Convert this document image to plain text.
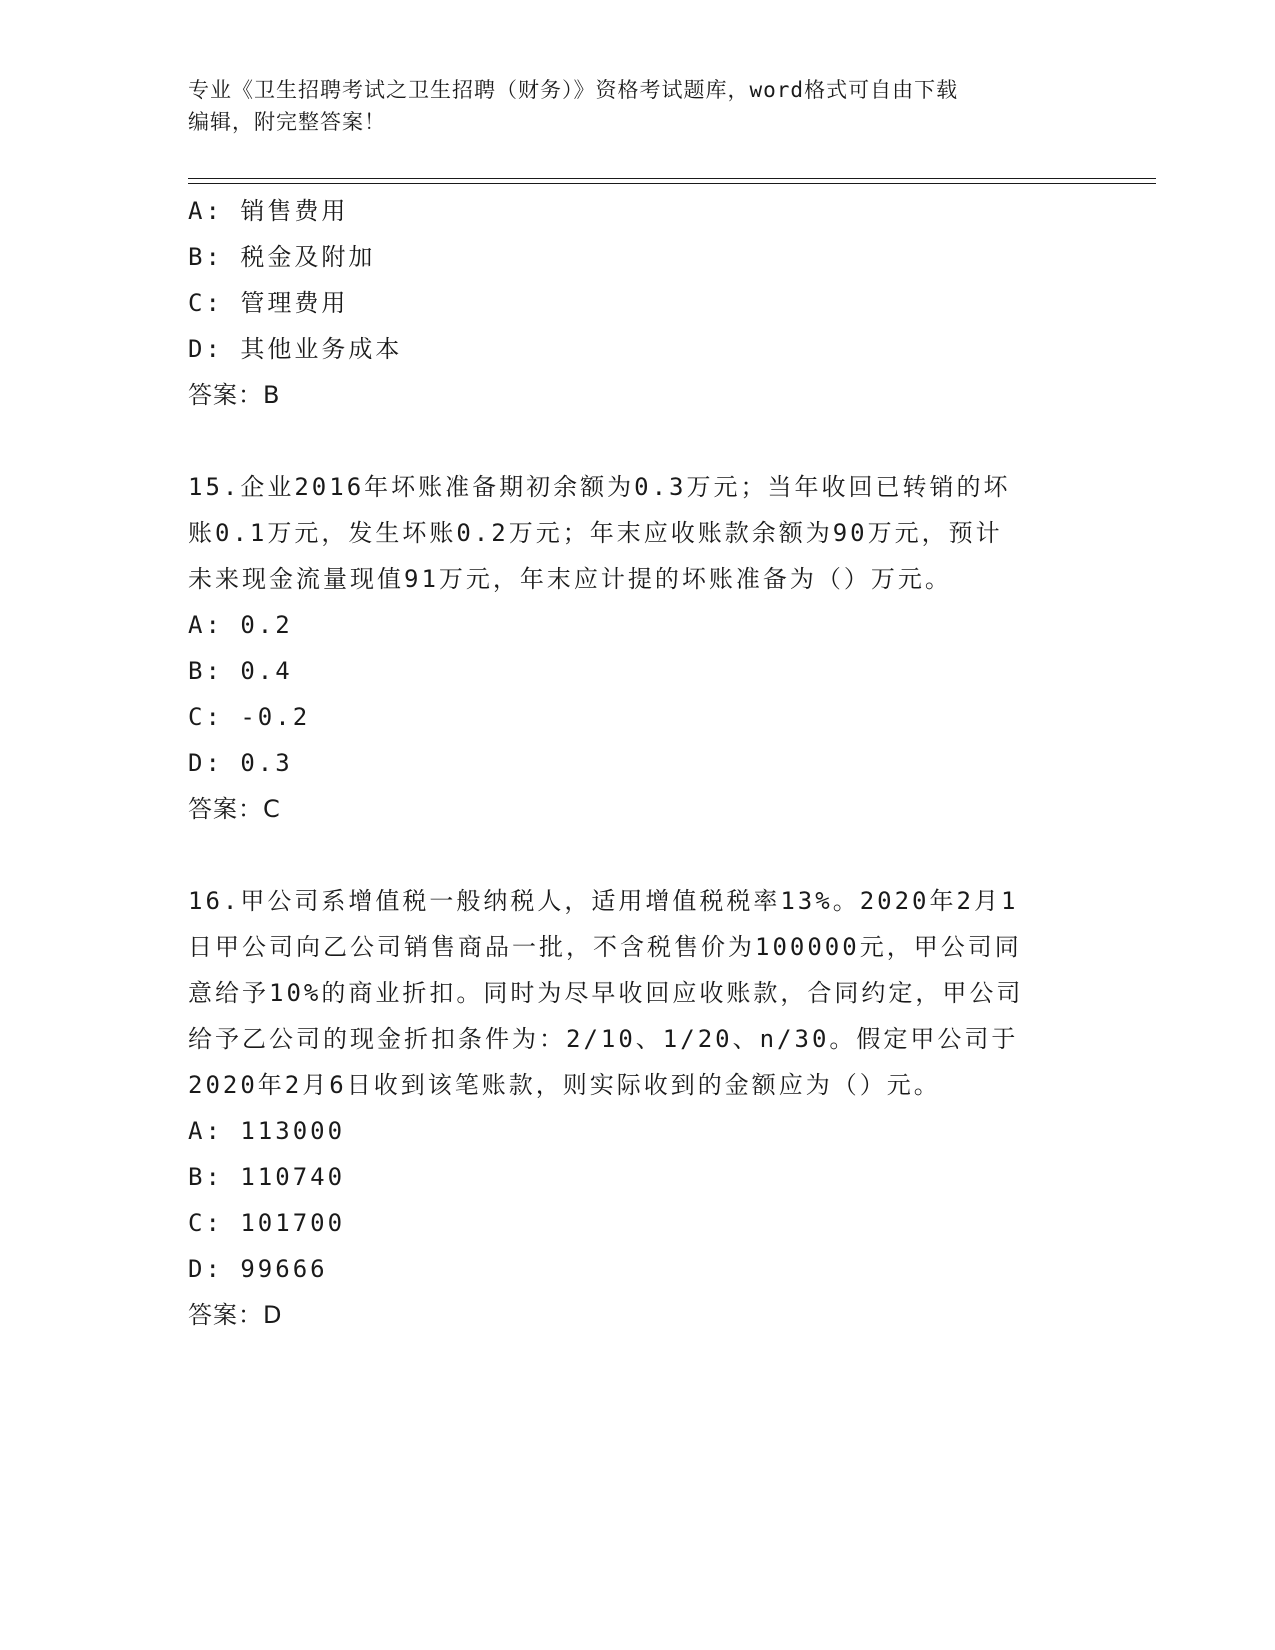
专业《卫生招聘考试之卫生招聘（财务）》资格考试题库，word格式可自由下载
编辑，附完整答案！
A: 销售费用
B: 税金及附加
C: 管理费用
D: 其他业务成本
答案：B
15.企业2016年坏账准备期初余额为0.3万元；当年收回已转销的坏
账0.1万元，发生坏账0.2万元；年末应收账款余额为90万元，预计
未来现金流量现值91万元，年末应计提的坏账准备为（）万元。
A: 0.2
B: 0.4
C: -0.2
D: 0.3
答案：C
16.甲公司系增值税一般纳税人，适用增值税税率13%。2020年2月1
日甲公司向乙公司销售商品一批，不含税售价为100000元，甲公司同
意给予10%的商业折扣。同时为尽早收回应收账款，合同约定，甲公司
给予乙公司的现金折扣条件为：2/10、1/20、n/30。假定甲公司于
2020年2月6日收到该笔账款，则实际收到的金额应为（）元。
A: 113000
B: 110740
C: 101700
D: 99666
答案：D
